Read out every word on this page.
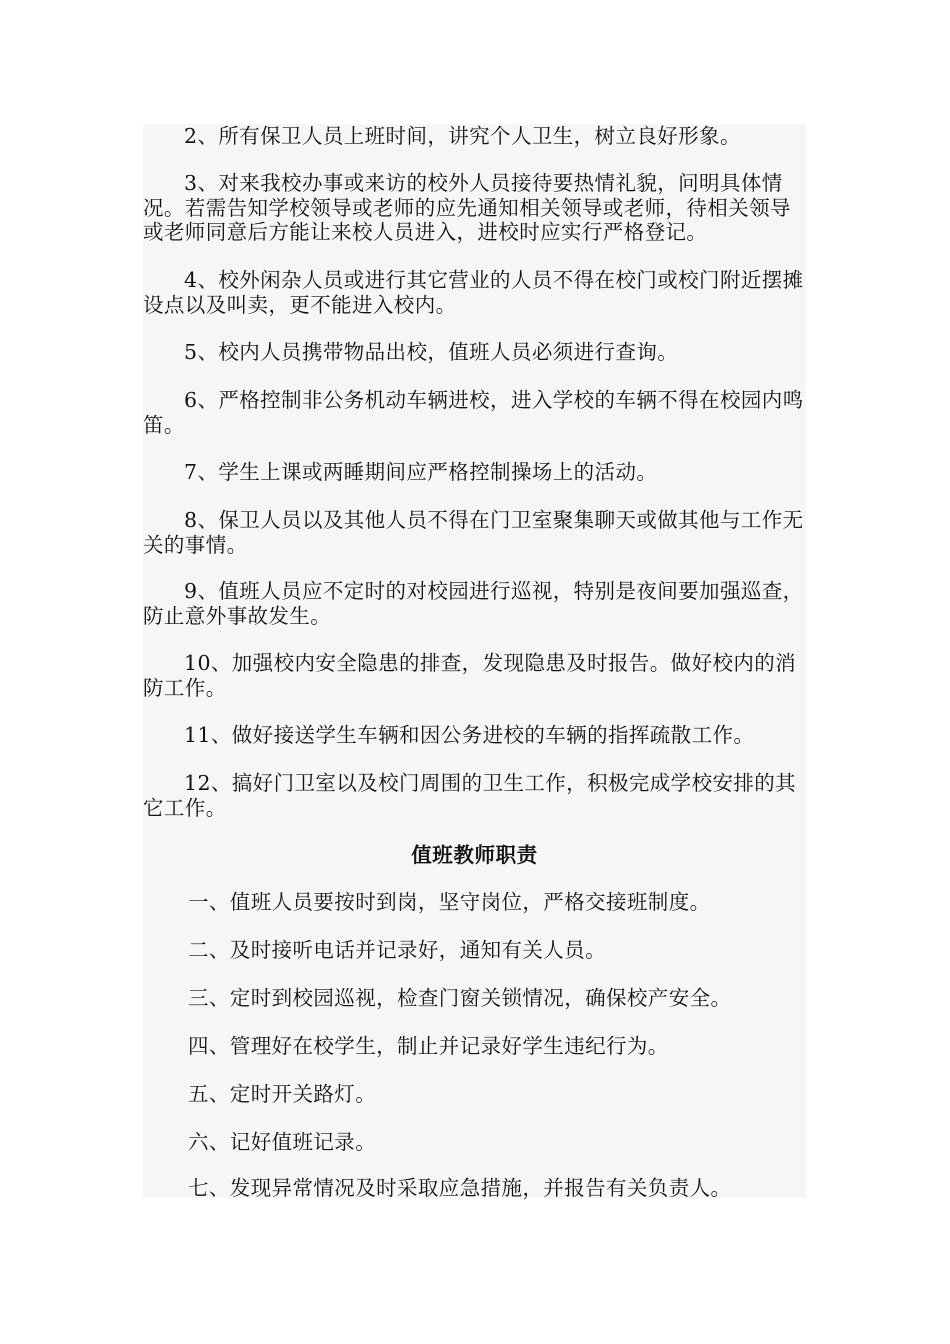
2、所有保卫人员上班时间，讲究个人卫生，树立良好形象。

3、对来我校办事或来访的校外人员接待要热情礼貌，问明具体情况。若需告知学校领导或老师的应先通知相关领导或老师，待相关领导或老师同意后方能让来校人员进入，进校时应实行严格登记。

4、校外闲杂人员或进行其它营业的人员不得在校门或校门附近摆摊设点以及叫卖，更不能进入校内。

5、校内人员携带物品出校，值班人员必须进行查询。

6、严格控制非公务机动车辆进校，进入学校的车辆不得在校园内鸣笛。

7、学生上课或两睡期间应严格控制操场上的活动。

8、保卫人员以及其他人员不得在门卫室聚集聊天或做其他与工作无关的事情。

9、值班人员应不定时的对校园进行巡视，特别是夜间要加强巡查，防止意外事故发生。

10、加强校内安全隐患的排查，发现隐患及时报告。做好校内的消防工作。

11、做好接送学生车辆和因公务进校的车辆的指挥疏散工作。

12、搞好门卫室以及校门周围的卫生工作，积极完成学校安排的其它工作。

值班教师职责

一、值班人员要按时到岗，坚守岗位，严格交接班制度。

二、及时接听电话并记录好，通知有关人员。

三、定时到校园巡视，检查门窗关锁情况，确保校产安全。

四、管理好在校学生，制止并记录好学生违纪行为。

五、定时开关路灯。

六、记好值班记录。

七、发现异常情况及时采取应急措施，并报告有关负责人。
